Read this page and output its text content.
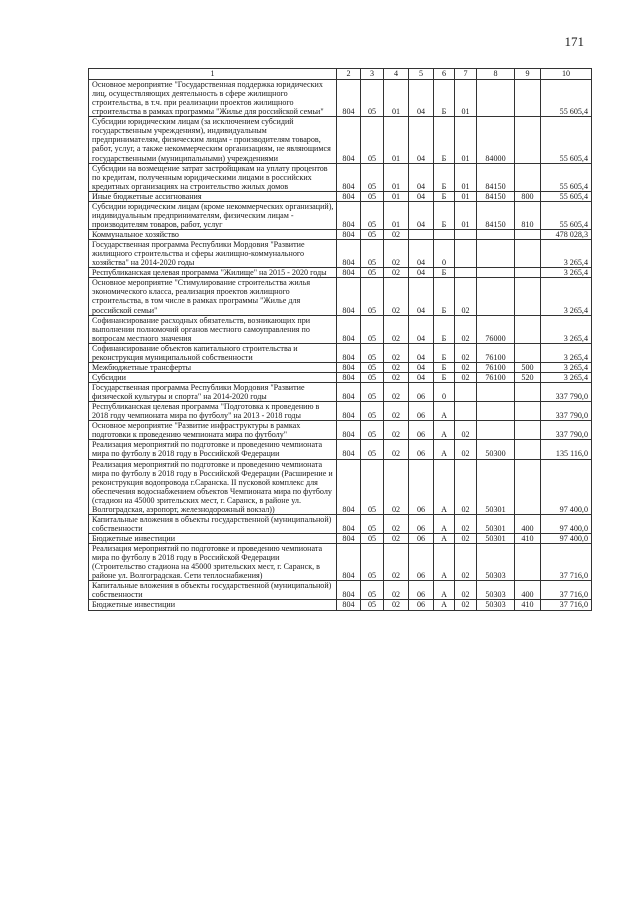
171
1	2	3	4	5	6	7	8	9	10
Основное мероприятие "Государственная поддержка юридических лиц, осуществляющих деятельность в сфере жилищного строительства, в т.ч. при реализации проектов жилищного строительства в рамках программы "Жилье для российской семьи"	804	05	01	04	Б	01			55 605,4
Субсидии юридическим лицам (за исключением субсидий государственным учреждениям), индивидуальным предпринимателям, физическим лицам - производителям товаров, работ, услуг, а также некоммерческим организациям, не являющимся государственными (муниципальными) учреждениями	804	05	01	04	Б	01	84000		55 605,4
Субсидии на возмещение затрат застройщикам на уплату процентов по кредитам, полученным юридическими лицами в российских кредитных организациях на строительство жилых домов	804	05	01	04	Б	01	84150		55 605,4
Иные бюджетные ассигнования	804	05	01	04	Б	01	84150	800	55 605,4
Субсидии юридическим лицам (кроме некоммерческих организаций), индивидуальным предпринимателям, физическим лицам - производителям товаров, работ, услуг	804	05	01	04	Б	01	84150	810	55 605,4
Коммунальное хозяйство	804	05	02						478 028,3
Государственная программа Республики Мордовия "Развитие жилищного строительства и сферы жилищно-коммунального хозяйства" на 2014-2020 годы	804	05	02	04	0				3 265,4
Республиканская целевая программа "Жилище" на 2015 - 2020 годы	804	05	02	04	Б				3 265,4
Основное мероприятие "Стимулирование строительства жилья экономического класса, реализация проектов жилищного строительства, в том числе в рамках программы "Жилье для российской семьи"	804	05	02	04	Б	02			3 265,4
Софинансирование расходных обязательств, возникающих при выполнении полномочий органов местного самоуправления по вопросам местного значения	804	05	02	04	Б	02	76000		3 265,4
Софинансирование объектов капитального строительства и реконструкция муниципальной собственности	804	05	02	04	Б	02	76100		3 265,4
Межбюджетные трансферты	804	05	02	04	Б	02	76100	500	3 265,4
Субсидии	804	05	02	04	Б	02	76100	520	3 265,4
Государственная программа Республики Мордовия "Развитие физической культуры и спорта" на 2014-2020 годы	804	05	02	06	0				337 790,0
Республиканская целевая программа "Подготовка к проведению в 2018 году чемпионата мира по футболу" на 2013 - 2018 годы	804	05	02	06	А				337 790,0
Основное мероприятие "Развитие инфраструктуры в рамках подготовки к проведению чемпионата мира по футболу"	804	05	02	06	А	02			337 790,0
Реализация мероприятий по подготовке и проведению чемпионата мира по футболу в 2018 году в Российской Федерации	804	05	02	06	А	02	50300		135 116,0
Реализация мероприятий по подготовке и проведению чемпионата мира по футболу в 2018 году в Российской Федерации (Расширение и реконструкция водопровода г.Саранска. II пусковой комплекс для обеспечения водоснабжением объектов Чемпионата мира по футболу (стадион на 45000 зрительских мест, г. Саранск, в районе ул. Волгоградская, аэропорт, железнодорожный вокзал))	804	05	02	06	А	02	50301		97 400,0
Капитальные вложения в объекты государственной (муниципальной) собственности	804	05	02	06	А	02	50301	400	97 400,0
Бюджетные инвестиции	804	05	02	06	А	02	50301	410	97 400,0
Реализация мероприятий по подготовке и проведению чемпионата мира по футболу в 2018 году в Российской Федерации (Строительство стадиона на 45000 зрительских мест, г. Саранск, в районе ул. Волгоградская. Сети теплоснабжения)	804	05	02	06	А	02	50303		37 716,0
Капитальные вложения в объекты государственной (муниципальной) собственности	804	05	02	06	А	02	50303	400	37 716,0
Бюджетные инвестиции	804	05	02	06	А	02	50303	410	37 716,0
